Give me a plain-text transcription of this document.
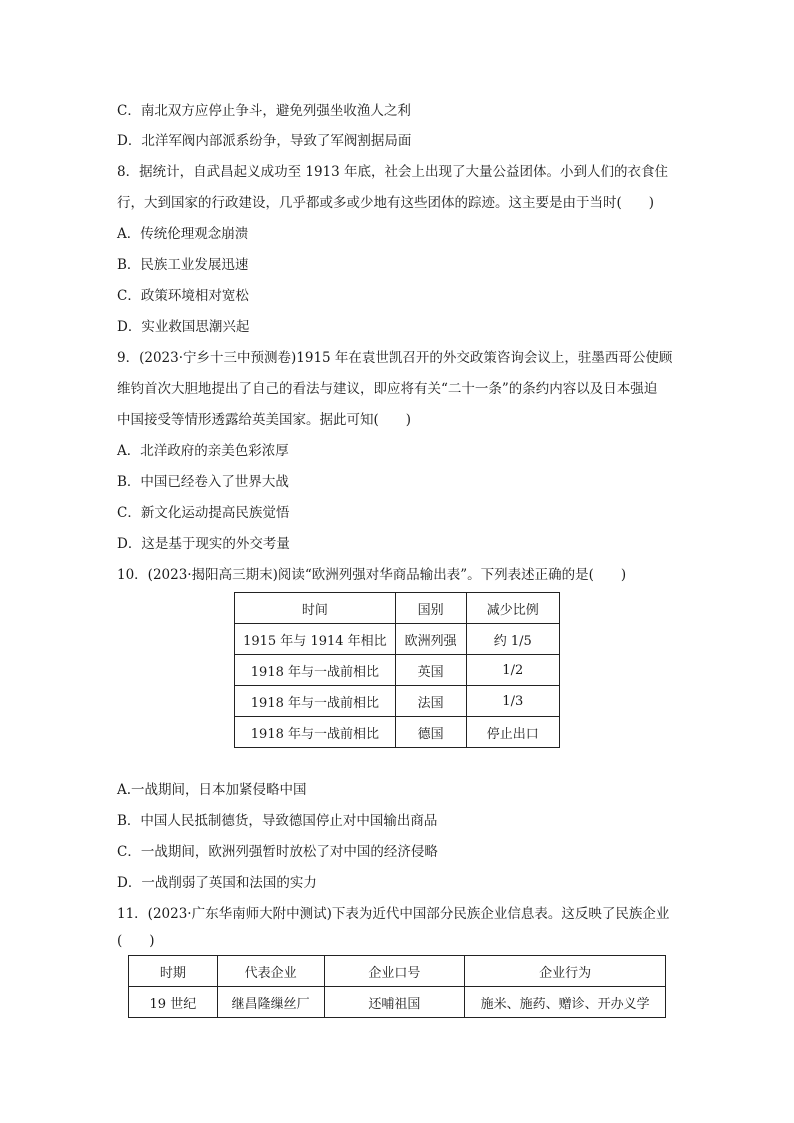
C．南北双方应停止争斗，避免列强坐收渔人之利
D．北洋军阀内部派系纷争，导致了军阀割据局面
8．据统计，自武昌起义成功至 1913 年底，社会上出现了大量公益团体。小到人们的衣食住
行，大到国家的行政建设，几乎都或多或少地有这些团体的踪迹。这主要是由于当时(　　)
A．传统伦理观念崩溃
B．民族工业发展迅速
C．政策环境相对宽松
D．实业救国思潮兴起
9．(2023·宁乡十三中预测卷)1915 年在袁世凯召开的外交政策咨询会议上，驻墨西哥公使顾
维钧首次大胆地提出了自己的看法与建议，即应将有关“二十一条”的条约内容以及日本强迫
中国接受等情形透露给英美国家。据此可知(　　)
A．北洋政府的亲美色彩浓厚
B．中国已经卷入了世界大战
C．新文化运动提高民族觉悟
D．这是基于现实的外交考量
10．(2023·揭阳高三期末)阅读“欧洲列强对华商品输出表”。下列表述正确的是(　　)
时间	国别	减少比例
1915 年与 1914 年相比	欧洲列强	约 1/5
1918 年与一战前相比	英国	1/2
1918 年与一战前相比	法国	1/3
1918 年与一战前相比	德国	停止出口
A.一战期间，日本加紧侵略中国
B．中国人民抵制德货，导致德国停止对中国输出商品
C．一战期间，欧洲列强暂时放松了对中国的经济侵略
D．一战削弱了英国和法国的实力
11．(2023·广东华南师大附中测试)下表为近代中国部分民族企业信息表。这反映了民族企业
(　　)
时期	代表企业	企业口号	企业行为
19 世纪	继昌隆缫丝厂	还哺祖国	施米、施药、赠诊、开办义学
